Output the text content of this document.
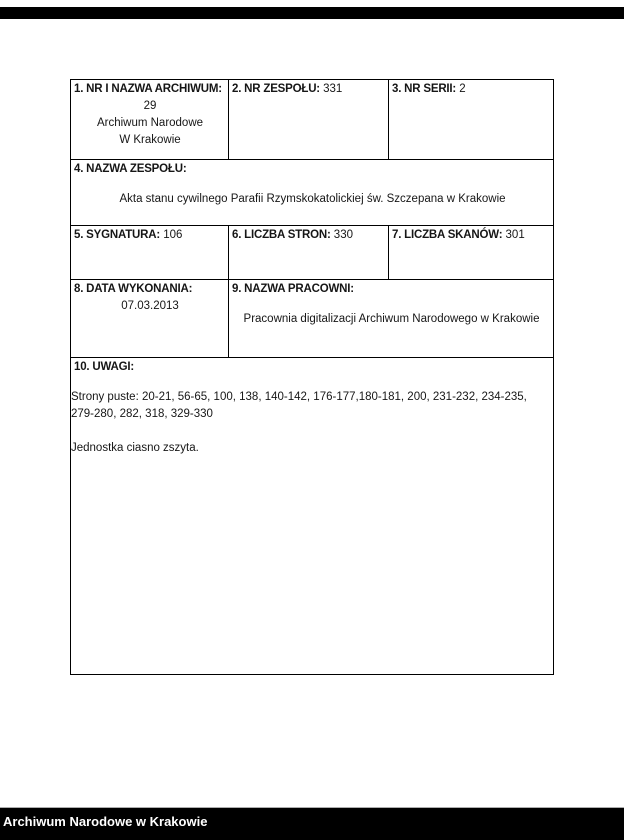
1. NR I NAZWA ARCHIWUM:
29
Archiwum Narodowe
W Krakowie	2. NR ZESPOŁU: 331	3. NR SERII: 2

4. NAZWA ZESPOŁU:
Akta stanu cywilnego Parafii Rzymskokatolickiej św. Szczepana w Krakowie		

5. SYGNATURA: 106	6. LICZBA STRON: 330	7. LICZBA SKANÓW: 301

8. DATA WYKONANIA:
07.03.2013

9. NAZWA PRACOWNI:
Pracownia digitalizacji Archiwum Narodowego w Krakowie

10. UWAGI:
Strony puste: 20-21, 56-65, 100, 138, 140-142, 176-177,180-181, 200, 231-232, 234-235,
279-280, 282, 318, 329-330
Jednostka ciasno zszyta.		
Archiwum Narodowe w Krakowie
